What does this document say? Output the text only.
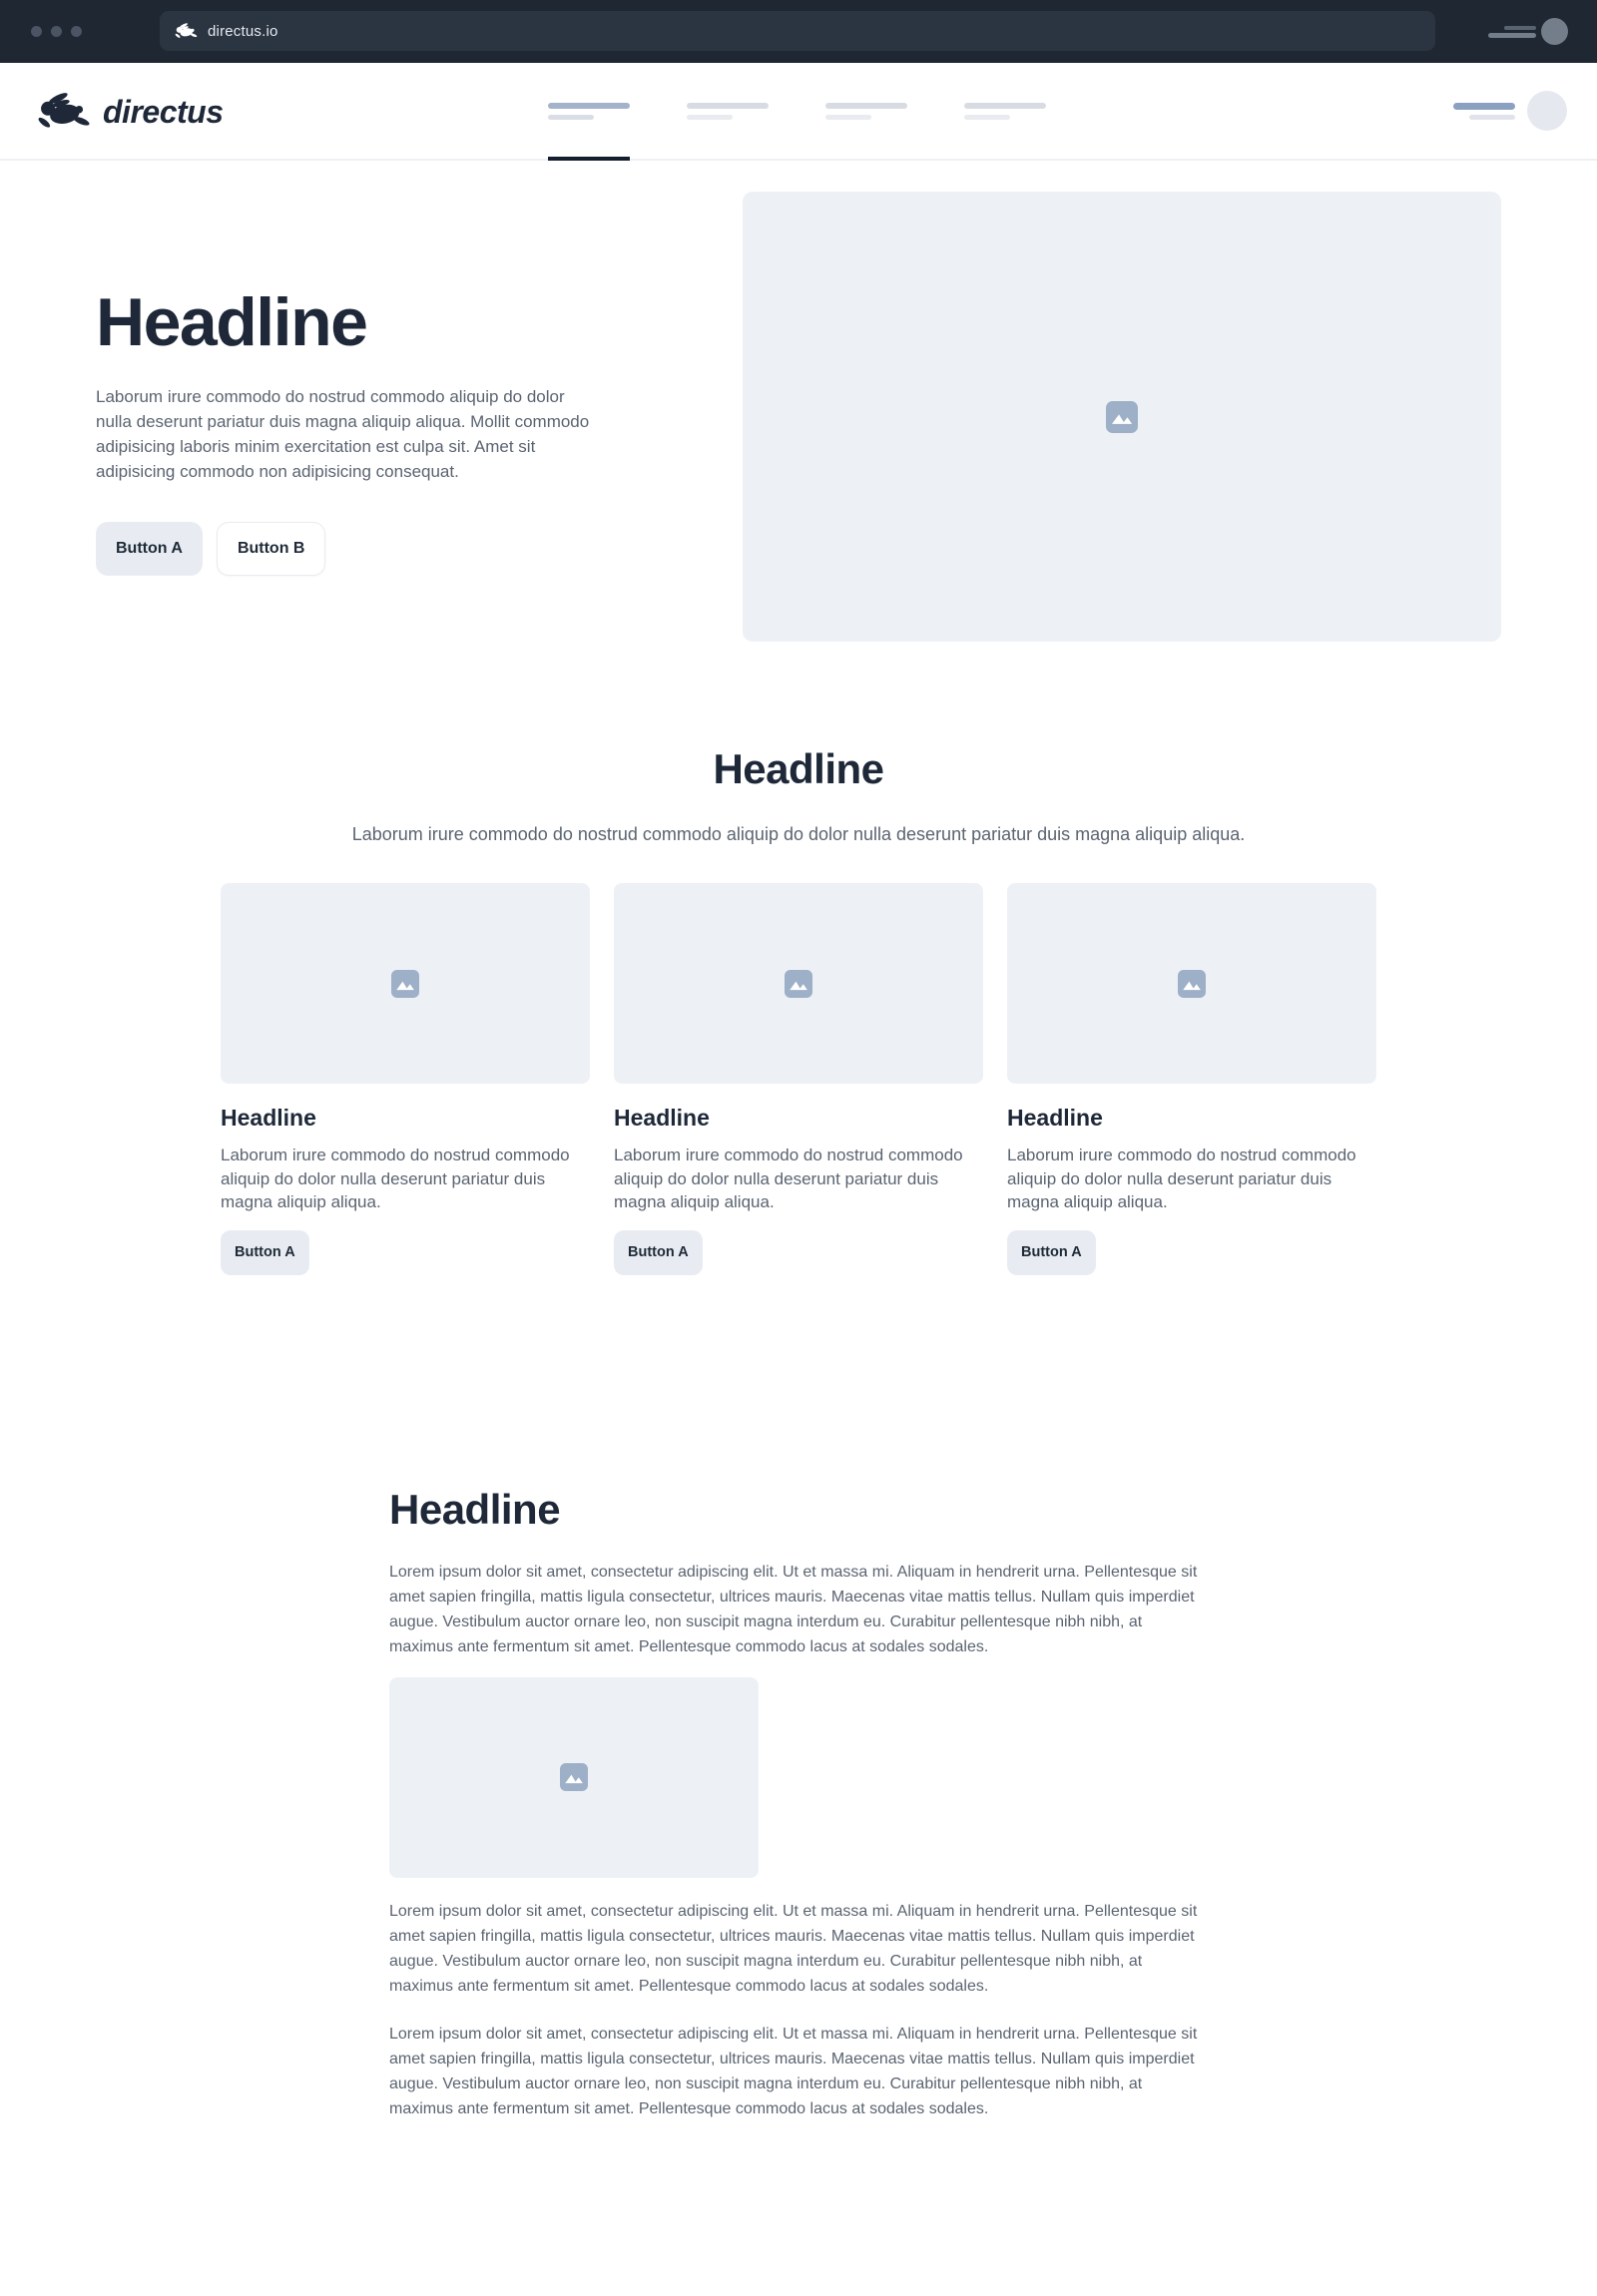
directus.io
directus
Headline

Laborum irure commodo do nostrud commodo aliquip do dolor nulla deserunt pariatur duis magna aliquip aliqua. Mollit commodo adipisicing laboris minim exercitation est culpa sit. Amet sit adipisicing commodo non adipisicing consequat.

Button A	Button B
Headline

Laborum irure commodo do nostrud commodo aliquip do dolor nulla deserunt pariatur duis magna aliquip aliqua.

Headline

Laborum irure commodo do nostrud commodo aliquip do dolor nulla deserunt pariatur duis magna aliquip aliqua.

Button A
Headline

Laborum irure commodo do nostrud commodo aliquip do dolor nulla deserunt pariatur duis magna aliquip aliqua.

Button A
Headline

Laborum irure commodo do nostrud commodo aliquip do dolor nulla deserunt pariatur duis magna aliquip aliqua.

Button A
Headline

Lorem ipsum dolor sit amet, consectetur adipiscing elit. Ut et massa mi. Aliquam in hendrerit urna. Pellentesque sit amet sapien fringilla, mattis ligula consectetur, ultrices mauris. Maecenas vitae mattis tellus. Nullam quis imperdiet augue. Vestibulum auctor ornare leo, non suscipit magna interdum eu. Curabitur pellentesque nibh nibh, at maximus ante fermentum sit amet. Pellentesque commodo lacus at sodales sodales.

Lorem ipsum dolor sit amet, consectetur adipiscing elit. Ut et massa mi. Aliquam in hendrerit urna. Pellentesque sit amet sapien fringilla, mattis ligula consectetur, ultrices mauris. Maecenas vitae mattis tellus. Nullam quis imperdiet augue. Vestibulum auctor ornare leo, non suscipit magna interdum eu. Curabitur pellentesque nibh nibh, at maximus ante fermentum sit amet. Pellentesque commodo lacus at sodales sodales.

Lorem ipsum dolor sit amet, consectetur adipiscing elit. Ut et massa mi. Aliquam in hendrerit urna. Pellentesque sit amet sapien fringilla, mattis ligula consectetur, ultrices mauris. Maecenas vitae mattis tellus. Nullam quis imperdiet augue. Vestibulum auctor ornare leo, non suscipit magna interdum eu. Curabitur pellentesque nibh nibh, at maximus ante fermentum sit amet. Pellentesque commodo lacus at sodales sodales.
